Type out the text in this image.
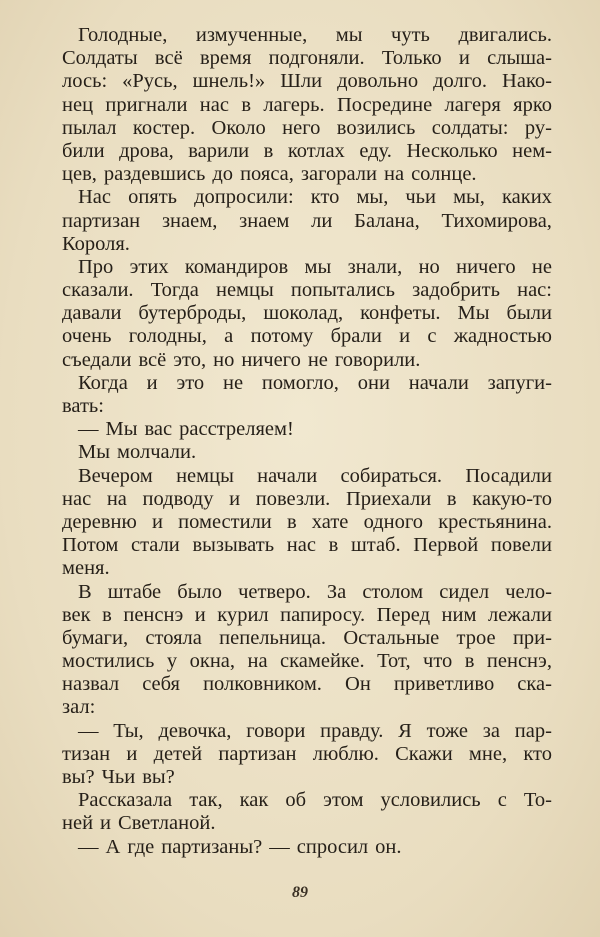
Голодные, измученные, мы чуть двигались.
Солдаты всё время подгоняли. Только и слыша-
лось: «Русь, шнель!» Шли довольно долго. Нако-
нец пригнали нас в лагерь. Посредине лагеря ярко
пылал костер. Около него возились солдаты: ру-
били дрова, варили в котлах еду. Несколько нем-
цев, раздевшись до пояса, загорали на солнце.
Нас опять допросили: кто мы, чьи мы, каких
партизан знаем, знаем ли Балана, Тихомирова,
Короля.
Про этих командиров мы знали, но ничего не
сказали. Тогда немцы попытались задобрить нас:
давали бутерброды, шоколад, конфеты. Мы были
очень голодны, а потому брали и с жадностью
съедали всё это, но ничего не говорили.
Когда и это не помогло, они начали запуги-
вать:
— Мы вас расстреляем!
Мы молчали.
Вечером немцы начали собираться. Посадили
нас на подводу и повезли. Приехали в какую-то
деревню и поместили в хате одного крестьянина.
Потом стали вызывать нас в штаб. Первой повели
меня.
В штабе было четверо. За столом сидел чело-
век в пенснэ и курил папиросу. Перед ним лежали
бумаги, стояла пепельница. Остальные трое при-
мостились у окна, на скамейке. Тот, что в пенснэ,
назвал себя полковником. Он приветливо ска-
зал:
— Ты, девочка, говори правду. Я тоже за пар-
тизан и детей партизан люблю. Скажи мне, кто
вы? Чьи вы?
Рассказала так, как об этом условились с То-
ней и Светланой.
— А где партизаны? — спросил он.
89
